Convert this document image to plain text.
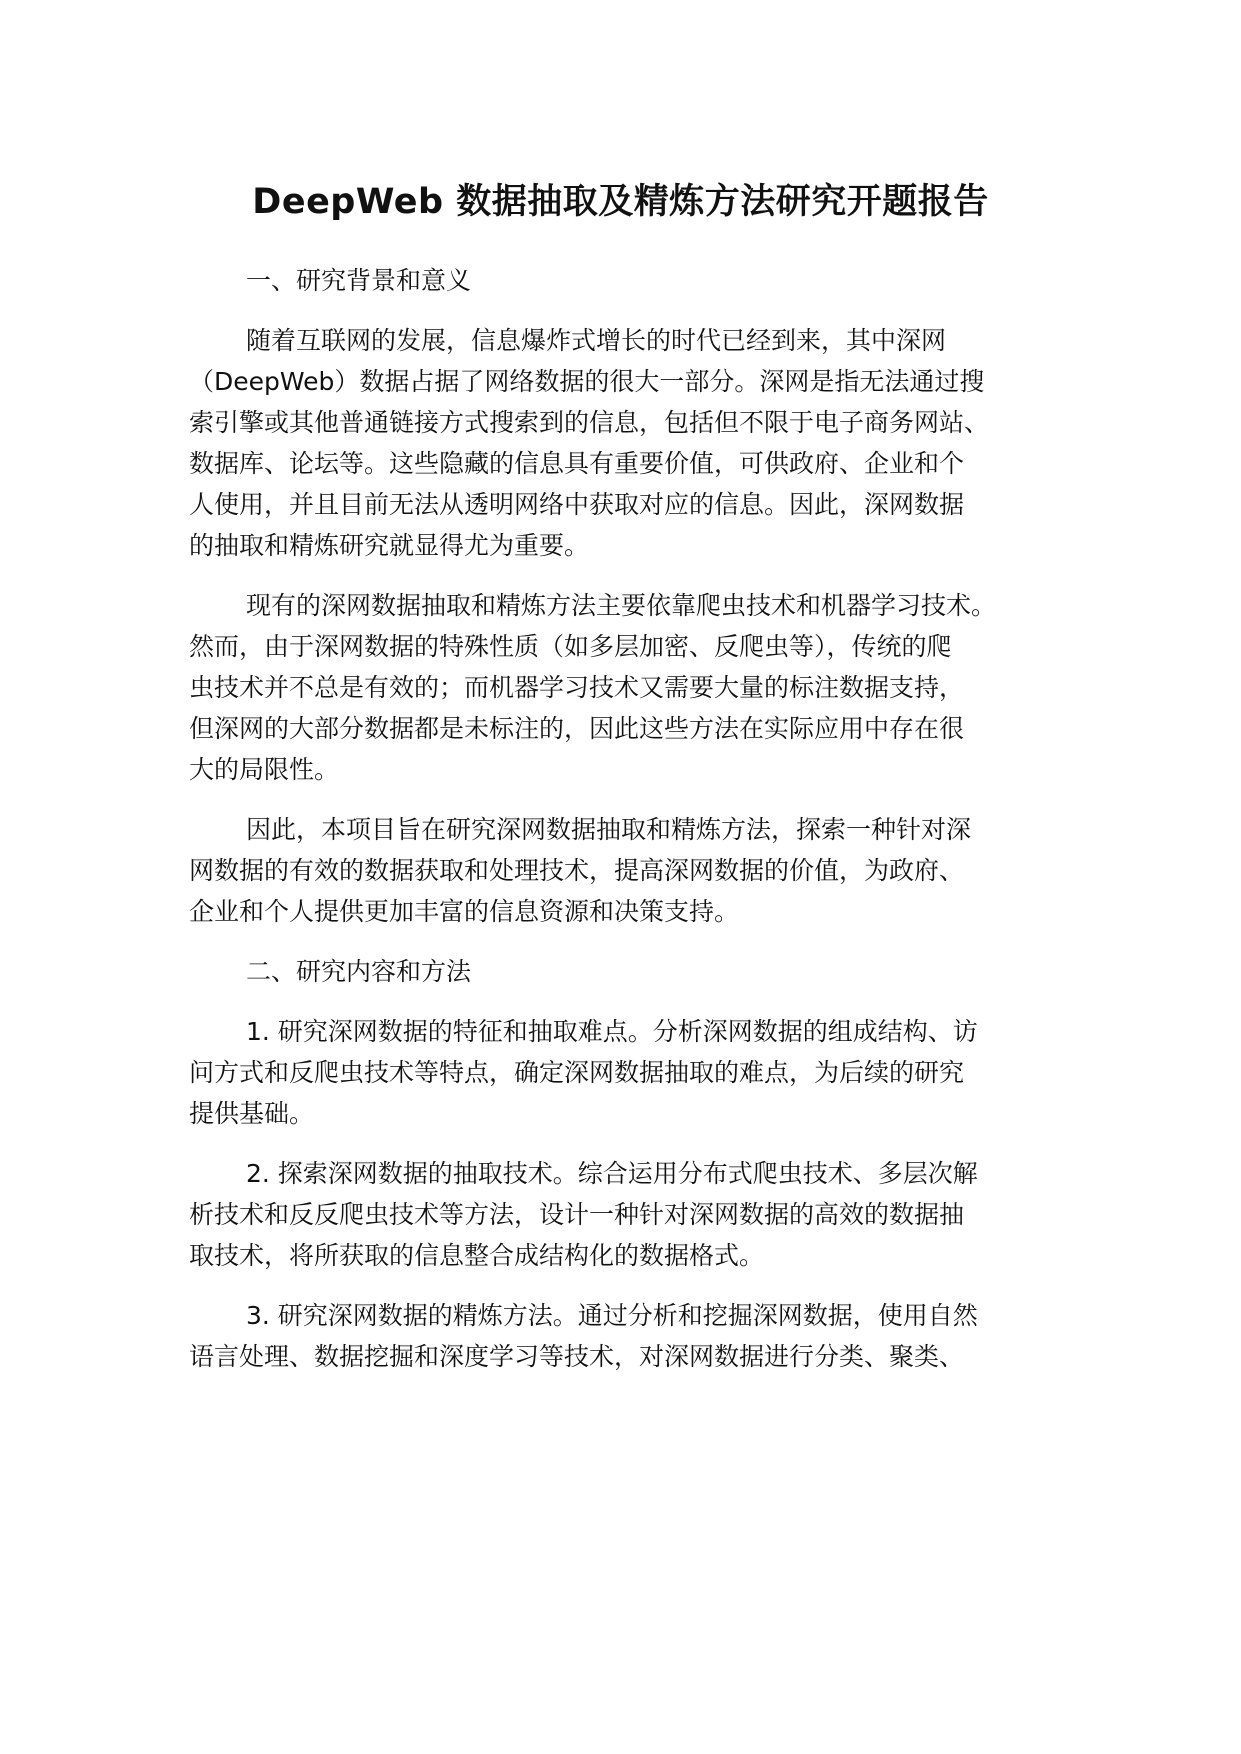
DeepWeb 数据抽取及精炼方法研究开题报告

一、研究背景和意义

随着互联网的发展，信息爆炸式增长的时代已经到来，其中深网

（DeepWeb）数据占据了网络数据的很大一部分。深网是指无法通过搜

索引擎或其他普通链接方式搜索到的信息，包括但不限于电子商务网站、

数据库、论坛等。这些隐藏的信息具有重要价值，可供政府、企业和个

人使用，并且目前无法从透明网络中获取对应的信息。因此，深网数据

的抽取和精炼研究就显得尤为重要。

现有的深网数据抽取和精炼方法主要依靠爬虫技术和机器学习技术。

然而，由于深网数据的特殊性质（如多层加密、反爬虫等），传统的爬

虫技术并不总是有效的；而机器学习技术又需要大量的标注数据支持，

但深网的大部分数据都是未标注的，因此这些方法在实际应用中存在很

大的局限性。

因此，本项目旨在研究深网数据抽取和精炼方法，探索一种针对深

网数据的有效的数据获取和处理技术，提高深网数据的价值，为政府、

企业和个人提供更加丰富的信息资源和决策支持。

二、研究内容和方法

1. 研究深网数据的特征和抽取难点。分析深网数据的组成结构、访

问方式和反爬虫技术等特点，确定深网数据抽取的难点，为后续的研究

提供基础。

2. 探索深网数据的抽取技术。综合运用分布式爬虫技术、多层次解

析技术和反反爬虫技术等方法，设计一种针对深网数据的高效的数据抽

取技术，将所获取的信息整合成结构化的数据格式。

3. 研究深网数据的精炼方法。通过分析和挖掘深网数据，使用自然

语言处理、数据挖掘和深度学习等技术，对深网数据进行分类、聚类、
